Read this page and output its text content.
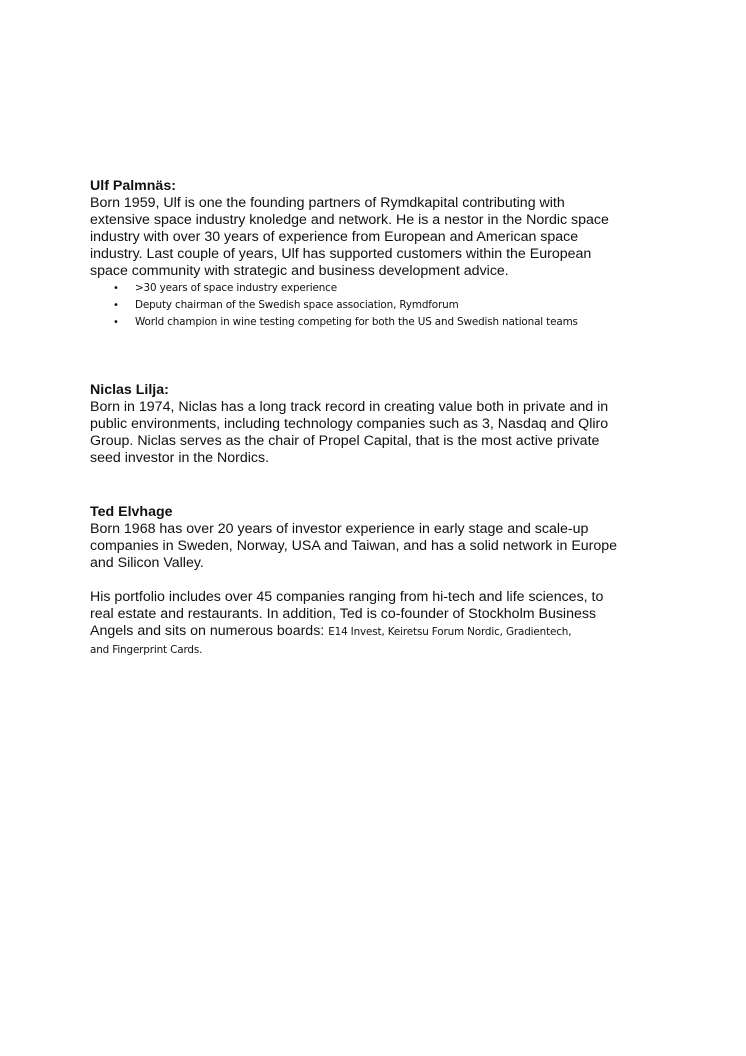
Ulf Palmnäs:
Born 1959, Ulf is one the founding partners of Rymdkapital contributing with
extensive space industry knoledge and network. He is a nestor in the Nordic space
industry with over 30 years of experience from European and American space
industry. Last couple of years, Ulf has supported customers within the European
space community with strategic and business development advice.
• >30 years of space industry experience
• Deputy chairman of the Swedish space association, Rymdforum
• World champion in wine testing competing for both the US and Swedish national teams
Niclas Lilja:
Born in 1974, Niclas has a long track record in creating value both in private and in
public environments, including technology companies such as 3, Nasdaq and Qliro
Group. Niclas serves as the chair of Propel Capital, that is the most active private
seed investor in the Nordics.
Ted Elvhage
Born 1968 has over 20 years of investor experience in early stage and scale-up
companies in Sweden, Norway, USA and Taiwan, and has a solid network in Europe
and Silicon Valley.
His portfolio includes over 45 companies ranging from hi-tech and life sciences, to
real estate and restaurants. In addition, Ted is co-founder of Stockholm Business
Angels and sits on numerous boards: E14 Invest, Keiretsu Forum Nordic, Gradientech,
and Fingerprint Cards.
